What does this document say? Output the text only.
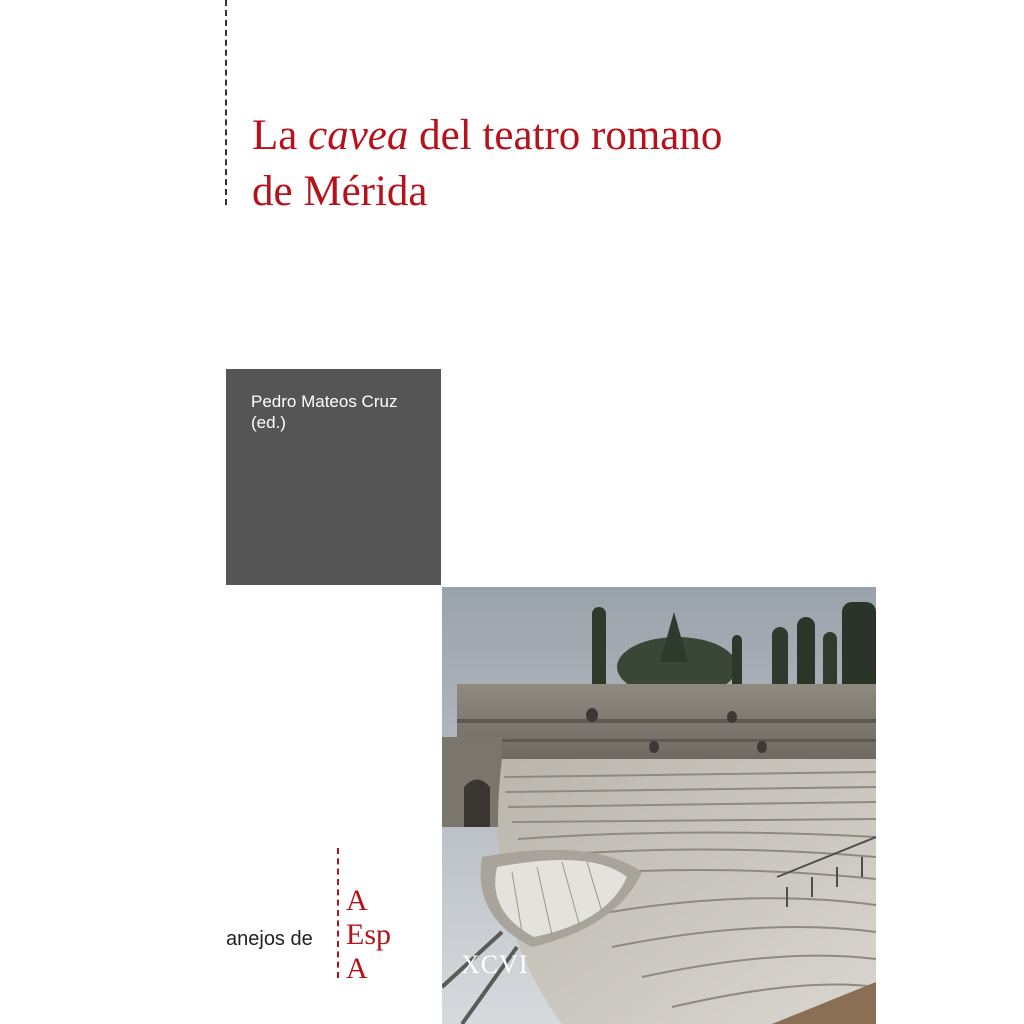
La cavea del teatro romano
de Mérida
Pedro Mateos Cruz
(ed.)
anejos de
A
Esp
A	XCVI
